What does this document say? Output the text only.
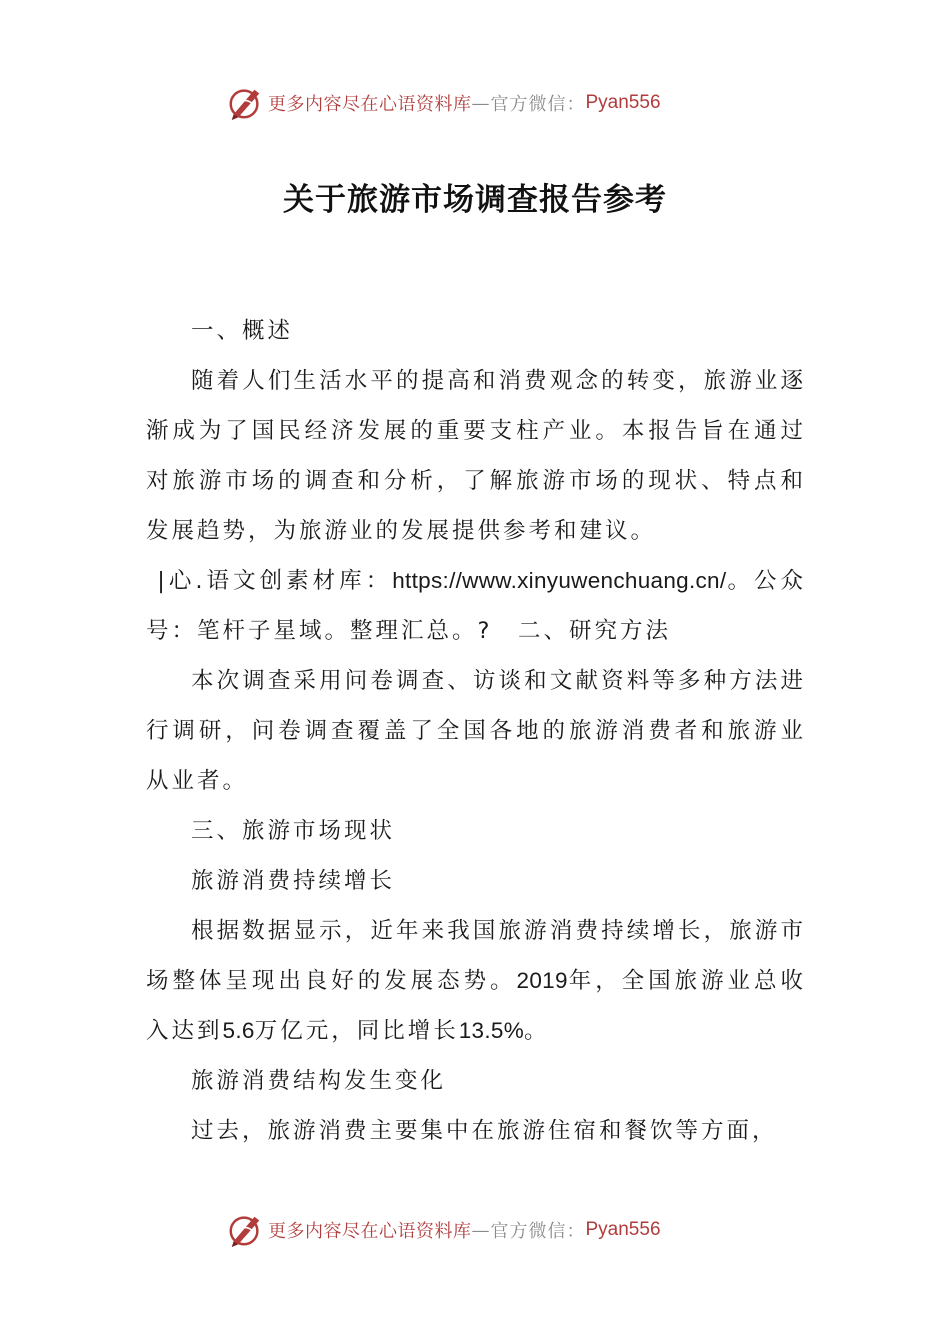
更多内容尽在心语资料库 — 官方微信： Pyan556
关于旅游市场调查报告参考

一、概述

随着人们生活水平的提高和消费观念的转变，旅游业逐渐成为了国民经济发展的重要支柱产业。本报告旨在通过对旅游市场的调查和分析，了解旅游市场的现状、特点和发展趋势，为旅游业的发展提供参考和建议。

|心.语文创素材库：https://www.xinyuwenchuang.cn/。公众号：笔杆子星域。整理汇总。?　二、研究方法

本次调查采用问卷调查、访谈和文献资料等多种方法进行调研，问卷调查覆盖了全国各地的旅游消费者和旅游业从业者。

三、旅游市场现状

旅游消费持续增长

根据数据显示，近年来我国旅游消费持续增长，旅游市场整体呈现出良好的发展态势。2019年，全国旅游业总收入达到5.6万亿元，同比增长13.5%。

旅游消费结构发生变化

过去，旅游消费主要集中在旅游住宿和餐饮等方面，

更多内容尽在心语资料库 — 官方微信： Pyan556
